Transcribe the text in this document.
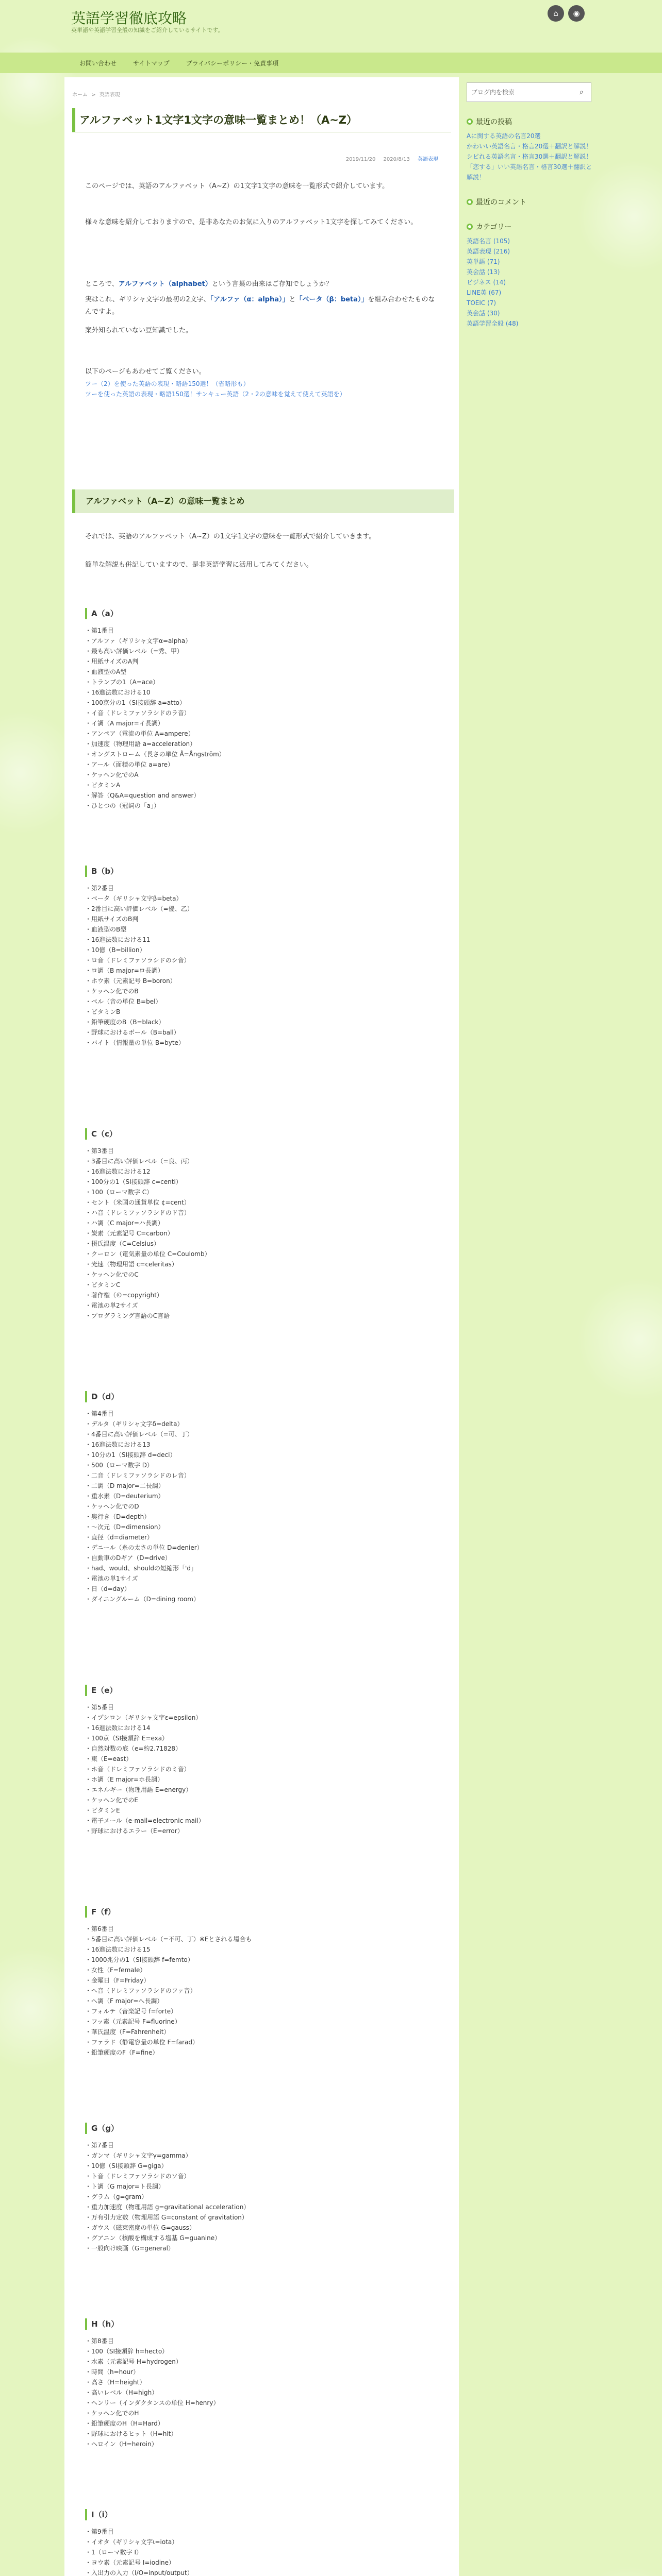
英語学習徹底攻略
英単語や英語学習全般の知識をご紹介しているサイトです。
⌂	◉
お問い合わせ	サイトマップ	プライバシーポリシー・免責事項
ホーム > 英語表現
アルファベット1文字1文字の意味一覧まとめ！（A~Z）
2019/11/20 2020/8/13 英語表現
このページでは、英語のアルファベット（A~Z）の1文字1文字の意味を一覧形式で紹介しています。
様々な意味を紹介しておりますので、是非あなたのお気に入りのアルファベット1文字を探してみてください。
ところで、アルファベット（alphabet）という言葉の由来はご存知でしょうか？
実はこれ、ギリシャ文字の最初の2文字、「アルファ（α：alpha）」と「ベータ（β：beta）」を組み合わせたものなんですよ。
案外知られていない豆知識でした。
以下のページもあわせてご覧ください。
ツー（2）を使った英語の表現・略語150選！（省略形も）
ツーを使った英語の表現・略語150選！サンキュー英語（2・2の意味を覚えて使えて英語を）
アルファベット（A~Z）の意味一覧まとめ
それでは、英語のアルファベット（A~Z）の1文字1文字の意味を一覧形式で紹介していきます。
簡単な解説も併記していますので、是非英語学習に活用してみてください。
A（a）
・第1番目
・アルファ（ギリシャ文字α=alpha）
・最も高い評価レベル（=秀、甲）
・用紙サイズのA判
・血液型のA型
・トランプの1（A=ace）
・16進法数における10
・100京分の1（SI接頭辞 a=atto）
・イ音（ドレミファソラシドのラ音）
・イ調（A major=イ長調）
・アンペア（電流の単位 A=ampere）
・加速度（物理用語 a=acceleration）
・オングストローム（長さの単位 Å=Ångström）
・アール（面積の単位 a=are）
・ケッヘン化でのA
・ビタミンA
・解答（Q&A=question and answer）
・ひとつの（冠詞の「a」）
B（b）
・第2番目
・ベータ（ギリシャ文字β=beta）
・2番目に高い評価レベル（=優、乙）
・用紙サイズのB判
・血液型のB型
・16進法数における11
・10億（B=billion）
・ロ音（ドレミファソラシドのシ音）
・ロ調（B major=ロ長調）
・ホウ素（元素記号 B=boron）
・ケッヘン化でのB
・ベル（音の単位 B=bel）
・ビタミンB
・鉛筆硬度のB（B=black）
・野球におけるボール（B=ball）
・バイト（情報量の単位 B=byte）
C（c）
・第3番目
・3番目に高い評価レベル（=良、丙）
・16進法数における12
・100分の1（SI接頭辞 c=centi）
・100（ローマ数字 C）
・セント（米国の通貨単位 ¢=cent）
・ハ音（ドレミファソラシドのド音）
・ハ調（C major=ハ長調）
・炭素（元素記号 C=carbon）
・摂氏温度（C=Celsius）
・クーロン（電気素量の単位 C=Coulomb）
・光速（物理用語 c=celeritas）
・ケッヘン化でのC
・ビタミンC
・著作権（©=copyright）
・電池の単2サイズ
・プログラミング言語のC言語
D（d）
・第4番目
・デルタ（ギリシャ文字δ=delta）
・4番目に高い評価レベル（=可、丁）
・16進法数における13
・10分の1（SI接頭辞 d=deci）
・500（ローマ数字 D）
・二音（ドレミファソラシドのレ音）
・二調（D major=二長調）
・重水素（D=deuterium）
・ケッヘン化でのD
・奥行き（D=depth）
・〜次元（D=dimension）
・直径（d=diameter）
・デニール（糸の太さの単位 D=denier）
・自動車のDギア（D=drive）
・had、would、shouldの短縮形「'd」
・電池の単1サイズ
・日（d=day）
・ダイニングルーム（D=dining room）
E（e）
・第5番目
・イプシロン（ギリシャ文字ε=epsilon）
・16進法数における14
・100京（SI接頭辞 E=exa）
・自然対数の底（e=約2.71828）
・東（E=east）
・ホ音（ドレミファソラシドのミ音）
・ホ調（E major=ホ長調）
・エネルギー（物理用語 E=energy）
・ケッヘン化でのE
・ビタミンE
・電子メール（e-mail=electronic mail）
・野球におけるエラー（E=error）
F（f）
・第6番目
・5番目に高い評価レベル（=不可、丁）※Eとされる場合も
・16進法数における15
・1000兆分の1（SI接頭辞 f=femto）
・女性（F=female）
・金曜日（F=Friday）
・へ音（ドレミファソラシドのファ音）
・へ調（F major=へ長調）
・フォルテ（音楽記号 f=forte）
・フッ素（元素記号 F=fluorine）
・華氏温度（F=Fahrenheit）
・ファラド（静電容量の単位 F=farad）
・鉛筆硬度のF（F=fine）
G（g）
・第7番目
・ガンマ（ギリシャ文字γ=gamma）
・10億（SI接頭辞 G=giga）
・ト音（ドレミファソラシドのソ音）
・ト調（G major=ト長調）
・グラム（g=gram）
・重力加速度（物理用語 g=gravitational acceleration）
・万有引力定数（物理用語 G=constant of gravitation）
・ガウス（磁束密度の単位 G=gauss）
・グアニン（核酸を構成する塩基 G=guanine）
・一般向け映画（G=general）
H（h）
・第8番目
・100（SI接頭辞 h=hecto）
・水素（元素記号 H=hydrogen）
・時間（h=hour）
・高さ（H=height）
・高いレベル（H=high）
・ヘンリー（インダクタンスの単位 H=henry）
・ケッヘン化でのH
・鉛筆硬度のH（H=Hard）
・野球におけるヒット（H=hit）
・ヘロイン（H=heroin）
I（i）
・第9番目
・イオタ（ギリシャ文字ι=iota）
・1（ローマ数字 I）
・ヨウ素（元素記号 I=iodine）
・入出力の入力（I/O=input/output）
ブログ内を検索
⌕
最近の投稿
Aに関する英語の名言20選
かわいい英語名言・格言20選＋翻訳と解説！
シビれる英語名言・格言30選＋翻訳と解説！
「恋する」いい英語名言・格言30選＋翻訳と解説！
最近のコメント
カテゴリー
英語名言 (105)
英語表現 (216)
英単語 (71)
英会話 (13)
ビジネス (14)
LINE英 (67)
TOEIC (7)
英会話 (30)
英語学習全般 (48)
